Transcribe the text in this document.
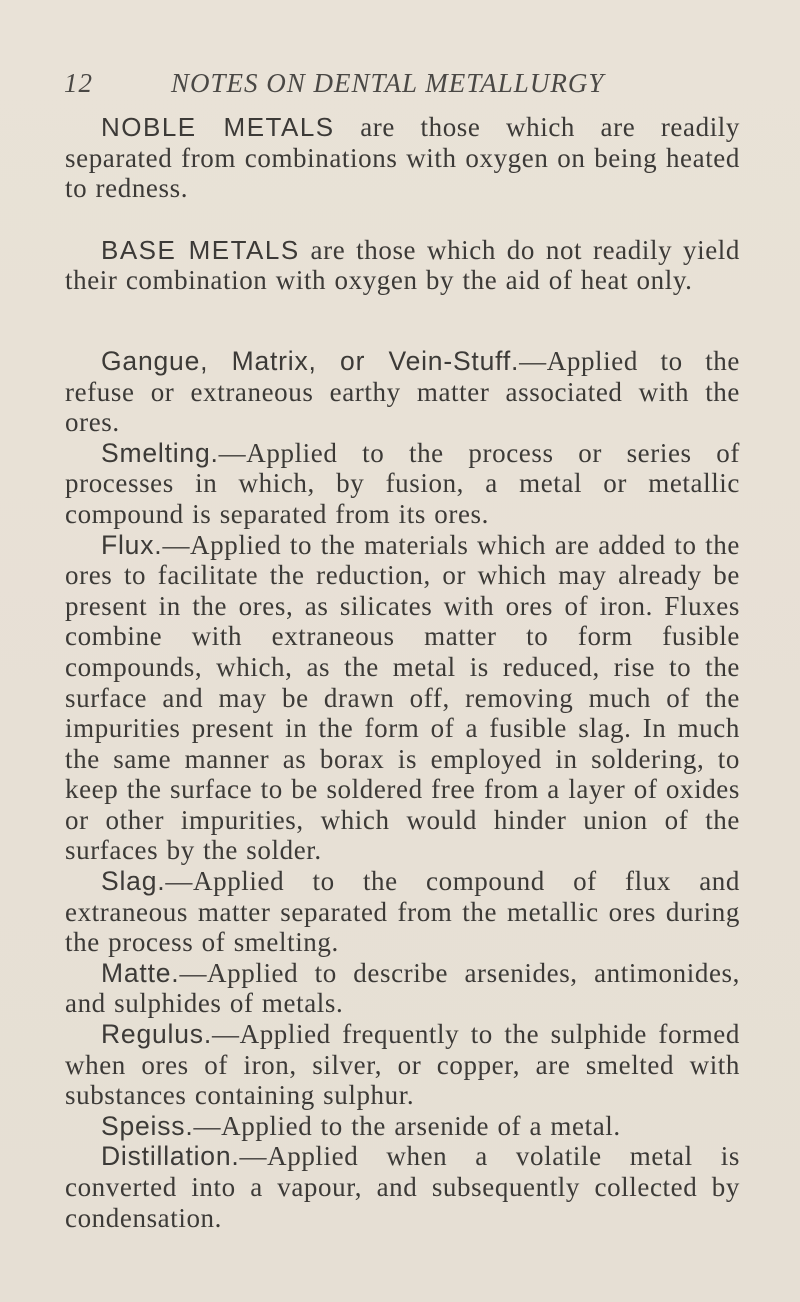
12	NOTES ON DENTAL METALLURGY

NOBLE METALS are those which are readily separated from combinations with oxygen on being heated to redness.

BASE METALS are those which do not readily yield their combination with oxygen by the aid of heat only.

Gangue, Matrix, or Vein-Stuff.—Applied to the refuse or extraneous earthy matter associated with the ores.

Smelting.—Applied to the process or series of processes in which, by fusion, a metal or metallic compound is separated from its ores.

Flux.—Applied to the materials which are added to the ores to facilitate the reduction, or which may already be present in the ores, as silicates with ores of iron. Fluxes combine with extraneous matter to form fusible compounds, which, as the metal is reduced, rise to the surface and may be drawn off, removing much of the impurities present in the form of a fusible slag. In much the same manner as borax is employed in soldering, to keep the surface to be soldered free from a layer of oxides or other impurities, which would hinder union of the surfaces by the solder.

Slag.—Applied to the compound of flux and extraneous matter separated from the metallic ores during the process of smelting.

Matte.—Applied to describe arsenides, antimonides, and sulphides of metals.

Regulus.—Applied frequently to the sulphide formed when ores of iron, silver, or copper, are smelted with substances containing sulphur.

Speiss.—Applied to the arsenide of a metal.

Distillation.—Applied when a volatile metal is converted into a vapour, and subsequently collected by condensation.
